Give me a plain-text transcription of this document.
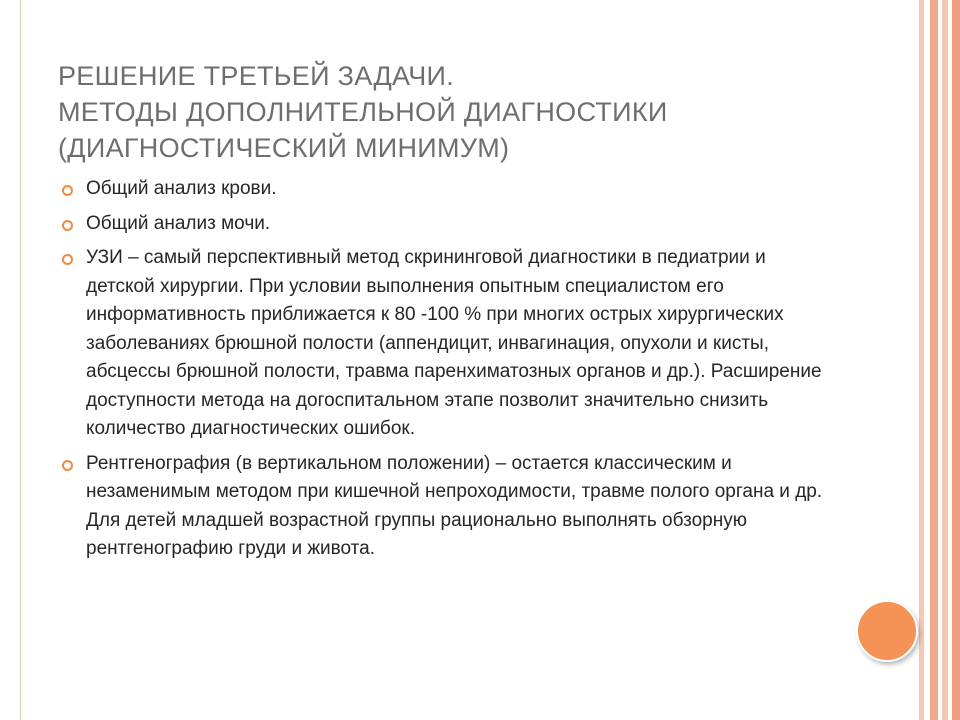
РЕШЕНИЕ ТРЕТЬЕЙ ЗАДАЧИ.
МЕТОДЫ ДОПОЛНИТЕЛЬНОЙ ДИАГНОСТИКИ
(ДИАГНОСТИЧЕСКИЙ МИНИМУМ)

Общий анализ крови.

Общий анализ мочи.

УЗИ – самый перспективный метод скрининговой диагностики в педиатрии и детской хирургии. При условии выполнения опытным специалистом его информативность приближается к 80 -100 % при многих острых хирургических заболеваниях брюшной полости (аппендицит, инвагинация, опухоли и кисты, абсцессы брюшной полости, травма паренхиматозных органов и др.). Расширение доступности метода на догоспитальном этапе позволит значительно снизить количество диагностических ошибок.

Рентгенография (в вертикальном положении) – остается классическим и незаменимым методом при кишечной непроходимости, травме полого органа и др. Для детей младшей возрастной группы рационально выполнять обзорную рентгенографию груди и живота.
